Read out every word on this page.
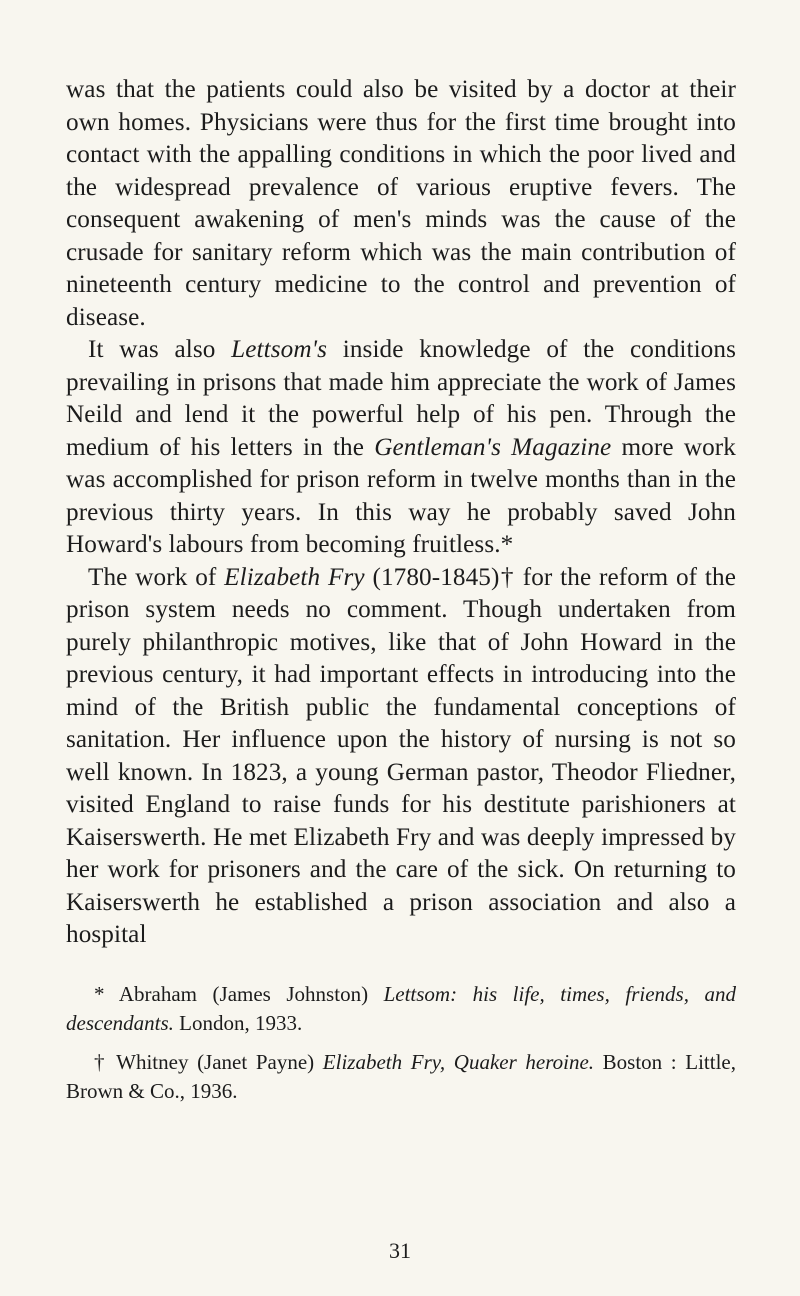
was that the patients could also be visited by a doctor at their own homes. Physicians were thus for the first time brought into contact with the appalling conditions in which the poor lived and the widespread prevalence of various eruptive fevers. The consequent awakening of men's minds was the cause of the crusade for sanitary reform which was the main contribution of nineteenth century medicine to the control and prevention of disease.

It was also Lettsom's inside knowledge of the conditions prevailing in prisons that made him appreciate the work of James Neild and lend it the powerful help of his pen. Through the medium of his letters in the Gentleman's Magazine more work was accomplished for prison reform in twelve months than in the previous thirty years. In this way he probably saved John Howard's labours from becoming fruitless.*

The work of Elizabeth Fry (1780-1845)† for the reform of the prison system needs no comment. Though undertaken from purely philanthropic motives, like that of John Howard in the previous century, it had important effects in introducing into the mind of the British public the fundamental conceptions of sanitation. Her influence upon the history of nursing is not so well known. In 1823, a young German pastor, Theodor Fliedner, visited England to raise funds for his destitute parishioners at Kaiserswerth. He met Elizabeth Fry and was deeply impressed by her work for prisoners and the care of the sick. On returning to Kaiserswerth he established a prison association and also a hospital

* Abraham (James Johnston) Lettsom: his life, times, friends, and descendants. London, 1933.

† Whitney (Janet Payne) Elizabeth Fry, Quaker heroine. Boston : Little, Brown & Co., 1936.

31
